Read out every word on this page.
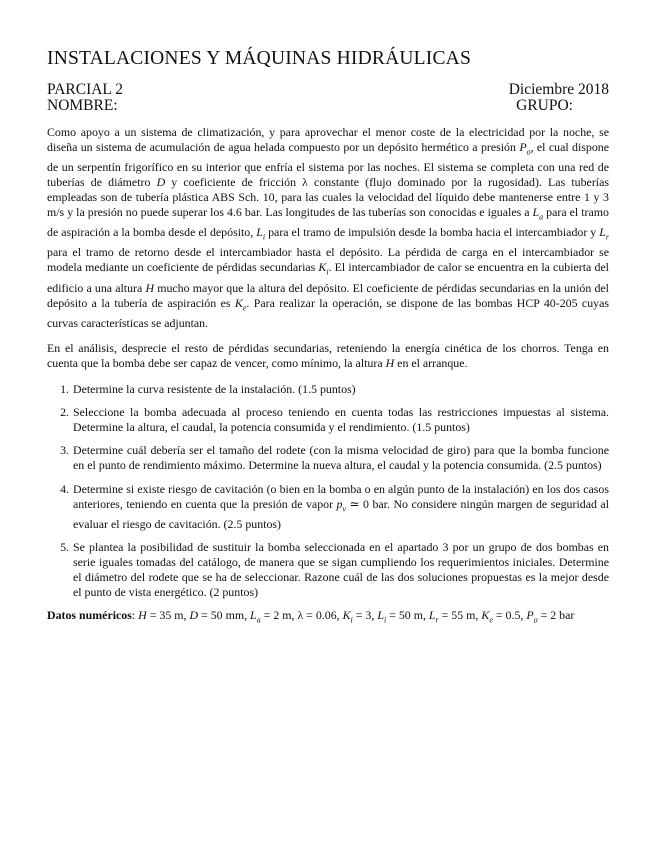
INSTALACIONES Y MÁQUINAS HIDRÁULICAS
PARCIAL 2	Diciembre 2018
NOMBRE:	GRUPO:

Como apoyo a un sistema de climatización, y para aprovechar el menor coste de la electricidad por la noche, se diseña un sistema de acumulación de agua helada compuesto por un depósito hermético a presión $P_o$, el cual dispone de un serpentín frigorífico en su interior que enfría el sistema por las noches. El sistema se completa con una red de tuberías de diámetro D y coeficiente de fricción λ constante (flujo dominado por la rugosidad). Las tuberías empleadas son de tubería plástica ABS Sch. 10, para las cuales la velocidad del líquido debe mantenerse entre 1 y 3 m/s y la presión no puede superar los 4.6 bar. Las longitudes de las tuberías son conocidas e iguales a $L_a$ para el tramo de aspiración a la bomba desde el depósito, $L_i$ para el tramo de impulsión desde la bomba hacia el intercambiador y $L_r$ para el tramo de retorno desde el intercambiador hasta el depósito. La pérdida de carga en el intercambiador se modela mediante un coeficiente de pérdidas secundarias $K_i$. El intercambiador de calor se encuentra en la cubierta del edificio a una altura H mucho mayor que la altura del depósito. El coeficiente de pérdidas secundarias en la unión del depósito a la tubería de aspiración es $K_e$. Para realizar la operación, se dispone de las bombas HCP 40-205 cuyas curvas características se adjuntan.

En el análisis, desprecie el resto de pérdidas secundarias, reteniendo la energía cinética de los chorros. Tenga en cuenta que la bomba debe ser capaz de vencer, como mínimo, la altura H en el arranque.

1. Determine la curva resistente de la instalación. (1.5 puntos)
2. Seleccione la bomba adecuada al proceso teniendo en cuenta todas las restricciones impuestas al sistema. Determine la altura, el caudal, la potencia consumida y el rendimiento. (1.5 puntos)
3. Determine cuál debería ser el tamaño del rodete (con la misma velocidad de giro) para que la bomba funcione en el punto de rendimiento máximo. Determine la nueva altura, el caudal y la potencia consumida. (2.5 puntos)
4. Determine si existe riesgo de cavitación (o bien en la bomba o en algún punto de la instalación) en los dos casos anteriores, teniendo en cuenta que la presión de vapor $p_v$ ≃ 0 bar. No considere ningún margen de seguridad al evaluar el riesgo de cavitación. (2.5 puntos)
5. Se plantea la posibilidad de sustituir la bomba seleccionada en el apartado 3 por un grupo de dos bombas en serie iguales tomadas del catálogo, de manera que se sigan cumpliendo los requerimientos iniciales. Determine el diámetro del rodete que se ha de seleccionar. Razone cuál de las dos soluciones propuestas es la mejor desde el punto de vista energético. (2 puntos)

Datos numéricos: H = 35 m, D = 50 mm, $L_a = 2$ m, λ = 0.06, $K_i = 3$, $L_i = 50$ m, $L_r = 55$ m, $K_e = 0.5$, $P_o = 2$ bar
